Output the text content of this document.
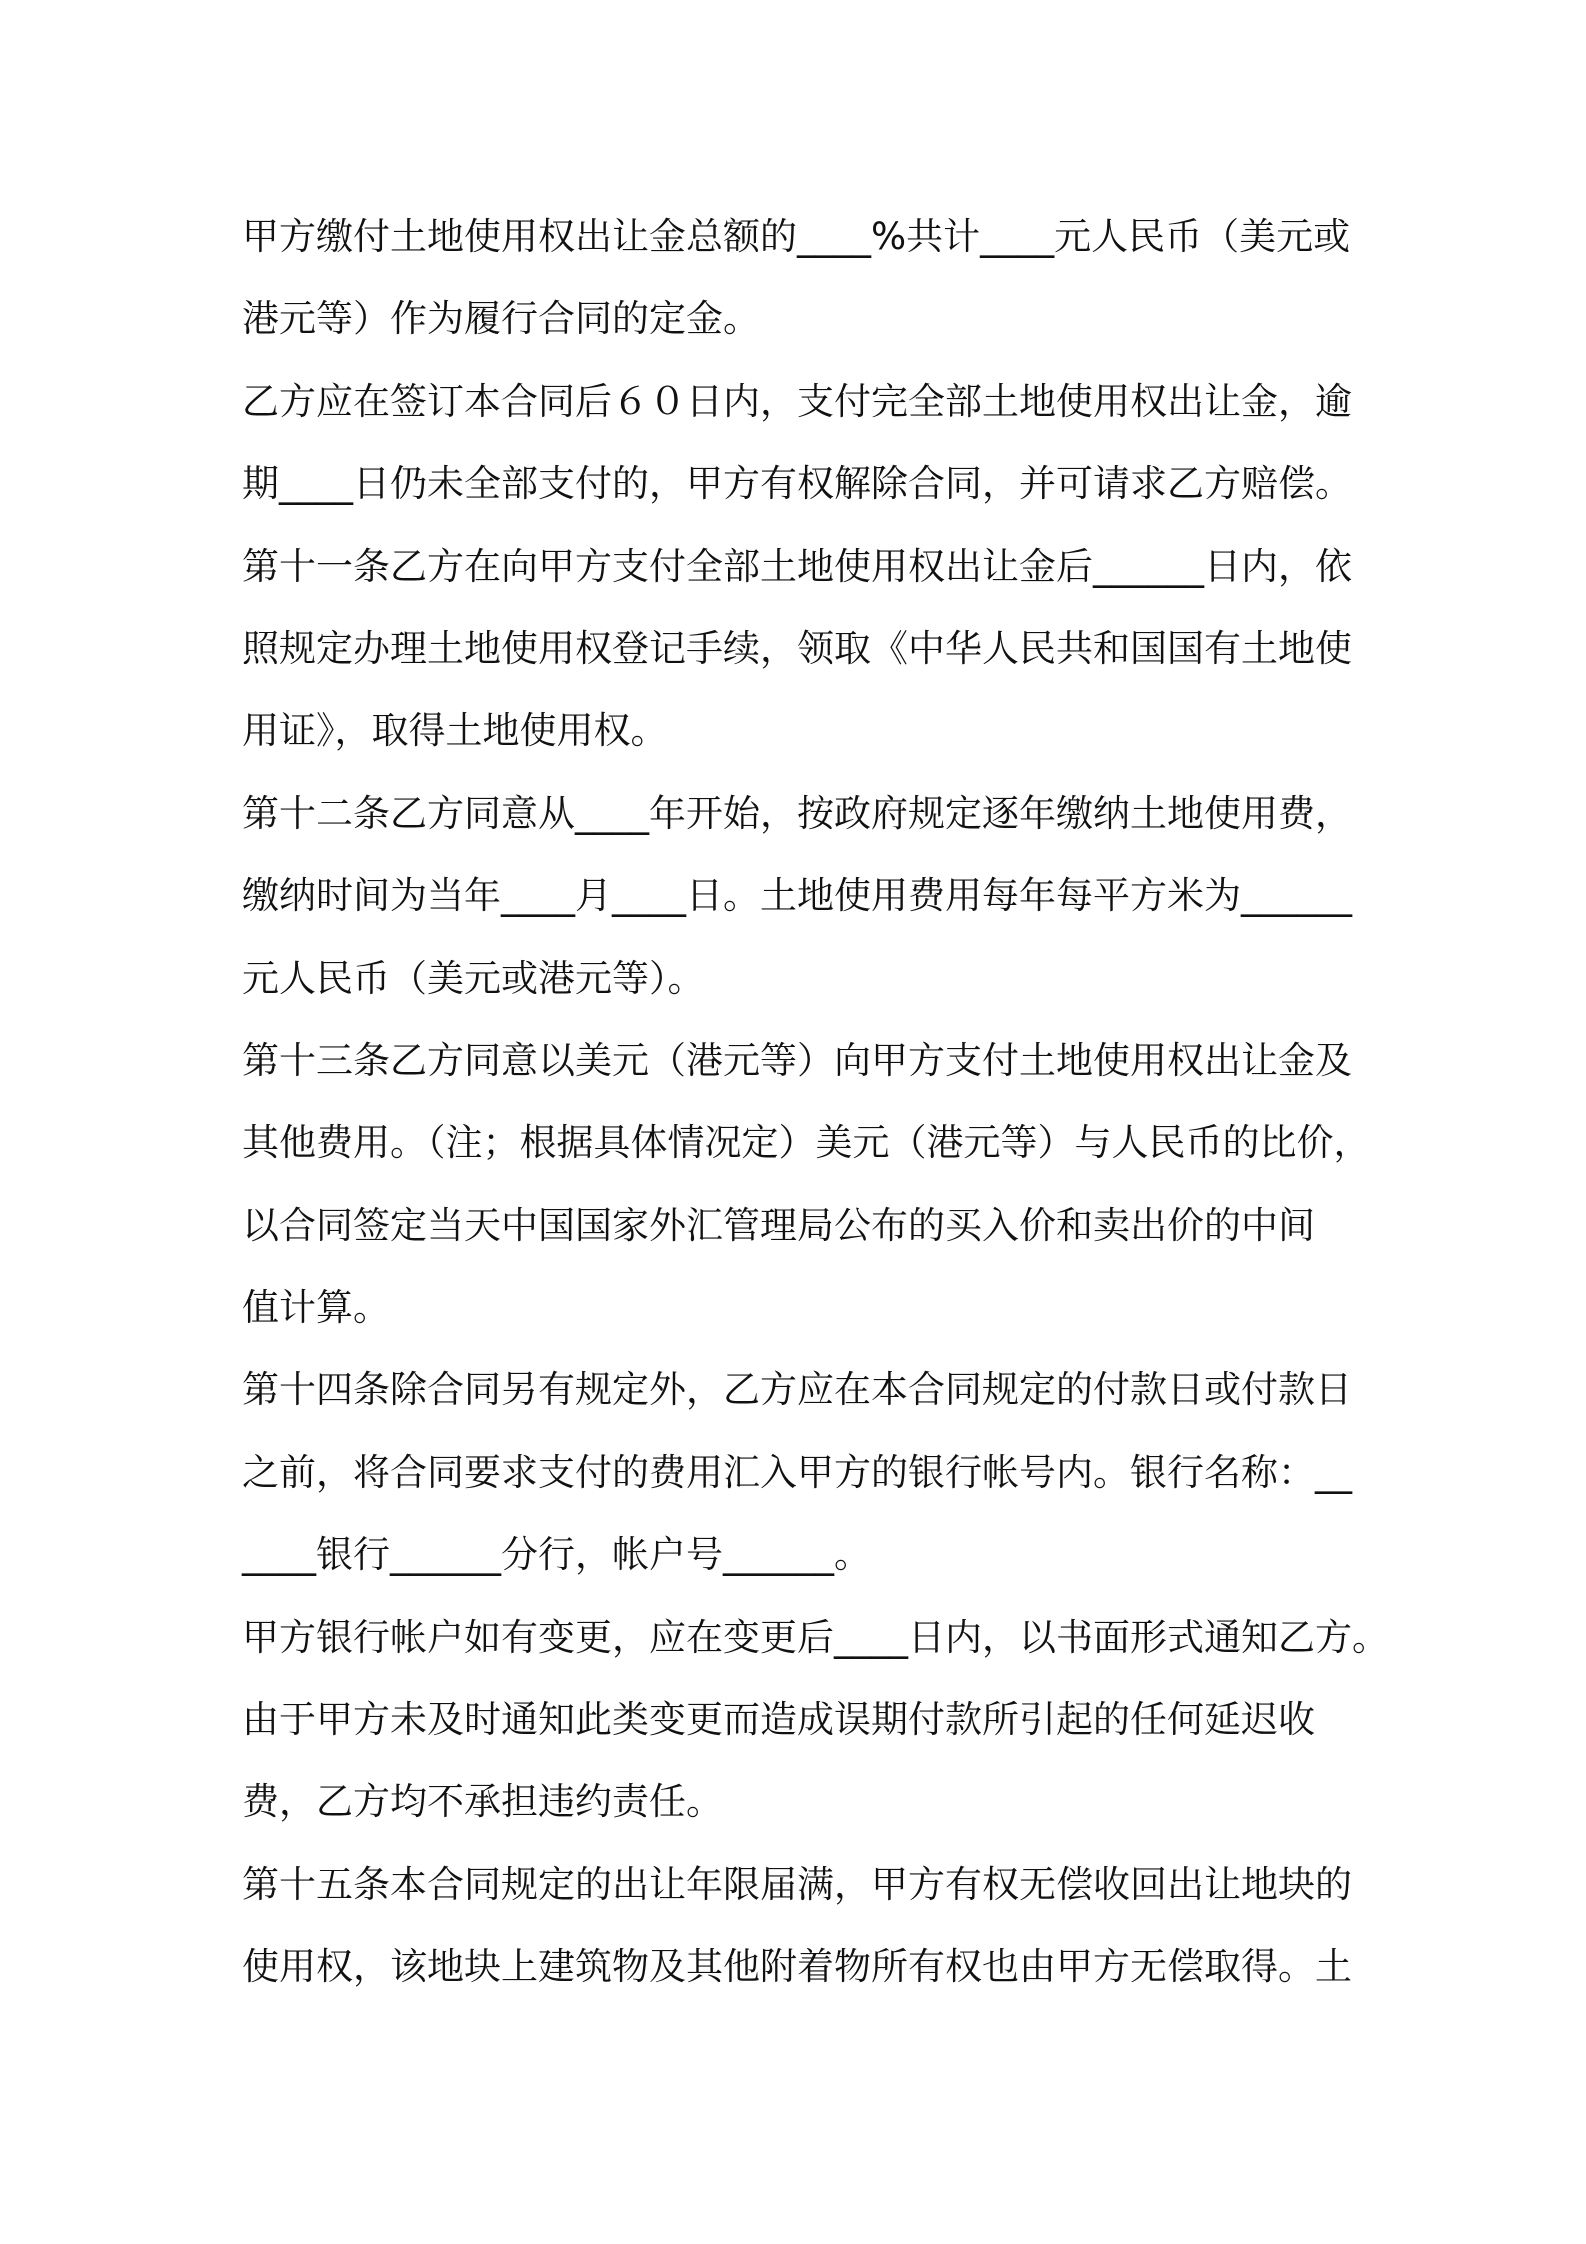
甲方缴付土地使用权出让金总额的____%共计____元人民币（美元或
港元等）作为履行合同的定金。
乙方应在签订本合同后６０日内，支付完全部土地使用权出让金，逾
期____日仍未全部支付的，甲方有权解除合同，并可请求乙方赔偿。
第十一条乙方在向甲方支付全部土地使用权出让金后______日内，依
照规定办理土地使用权登记手续，领取《中华人民共和国国有土地使
用证》，取得土地使用权。
第十二条乙方同意从____年开始，按政府规定逐年缴纳土地使用费，
缴纳时间为当年____月____日。土地使用费用每年每平方米为______
元人民币（美元或港元等）。
第十三条乙方同意以美元（港元等）向甲方支付土地使用权出让金及
其他费用。（注；根据具体情况定）美元（港元等）与人民币的比价，
以合同签定当天中国国家外汇管理局公布的买入价和卖出价的中间
值计算。
第十四条除合同另有规定外，乙方应在本合同规定的付款日或付款日
之前，将合同要求支付的费用汇入甲方的银行帐号内。银行名称：__
____银行______分行，帐户号______。
甲方银行帐户如有变更，应在变更后____日内，以书面形式通知乙方。
由于甲方未及时通知此类变更而造成误期付款所引起的任何延迟收
费，乙方均不承担违约责任。
第十五条本合同规定的出让年限届满，甲方有权无偿收回出让地块的
使用权，该地块上建筑物及其他附着物所有权也由甲方无偿取得。土
